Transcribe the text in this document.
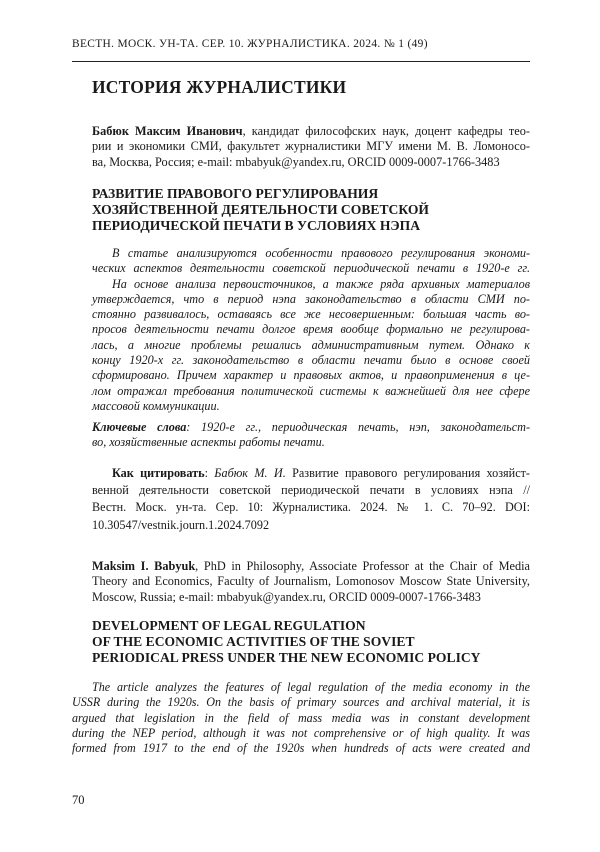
ВЕСТН. МОСК. УН-ТА. СЕР. 10. ЖУРНАЛИСТИКА. 2024. № 1 (49)
ИСТОРИЯ ЖУРНАЛИСТИКИ
Бабюк Максим Иванович, кандидат философских наук, доцент кафедры тео-
рии и экономики СМИ, факультет журналистики МГУ имени М. В. Ломоносо-
ва, Москва, Россия; e-mail: mbabyuk@yandex.ru, ORCID 0009-0007-1766-3483
РАЗВИТИЕ ПРАВОВОГО РЕГУЛИРОВАНИЯ
ХОЗЯЙСТВЕННОЙ ДЕЯТЕЛЬНОСТИ СОВЕТСКОЙ
ПЕРИОДИЧЕСКОЙ ПЕЧАТИ В УСЛОВИЯХ НЭПА
В статье анализируются особенности правового регулирования экономи-
ческих аспектов деятельности советской периодической печати в 1920-е гг.
На основе анализа первоисточников, а также ряда архивных материалов
утверждается, что в период нэпа законодательство в области СМИ по-
стоянно развивалось, оставаясь все же несовершенным: большая часть во-
просов деятельности печати долгое время вообще формально не регулирова-
лась, а многие проблемы решались административным путем. Однако к
концу 1920-х гг. законодательство в области печати было в основе своей
сформировано. Причем характер и правовых актов, и правоприменения в це-
лом отражал требования политической системы к важнейшей для нее сфере
массовой коммуникации.
Ключевые слова: 1920-е гг., периодическая печать, нэп, законодательст-
во, хозяйственные аспекты работы печати.
Как цитировать: Бабюк М. И. Развитие правового регулирования хозяйст-
венной деятельности советской периодической печати в условиях нэпа //
Вестн. Моск. ун-та. Сер. 10: Журналистика. 2024. № 1. С. 70–92. DOI:
10.30547/vestnik.journ.1.2024.7092
Maksim I. Babyuk, PhD in Philosophy, Associate Professor at the Chair of Media
Theory and Economics, Faculty of Journalism, Lomonosov Moscow State University,
Moscow, Russia; e-mail: mbabyuk@yandex.ru, ORCID 0009-0007-1766-3483
DEVELOPMENT OF LEGAL REGULATION
OF THE ECONOMIC ACTIVITIES OF THE SOVIET
PERIODICAL PRESS UNDER THE NEW ECONOMIC POLICY
The article analyzes the features of legal regulation of the media economy in the
USSR during the 1920s. On the basis of primary sources and archival material, it is
argued that legislation in the field of mass media was in constant development
during the NEP period, although it was not comprehensive or of high quality. It was
formed from 1917 to the end of the 1920s when hundreds of acts were created and
70
